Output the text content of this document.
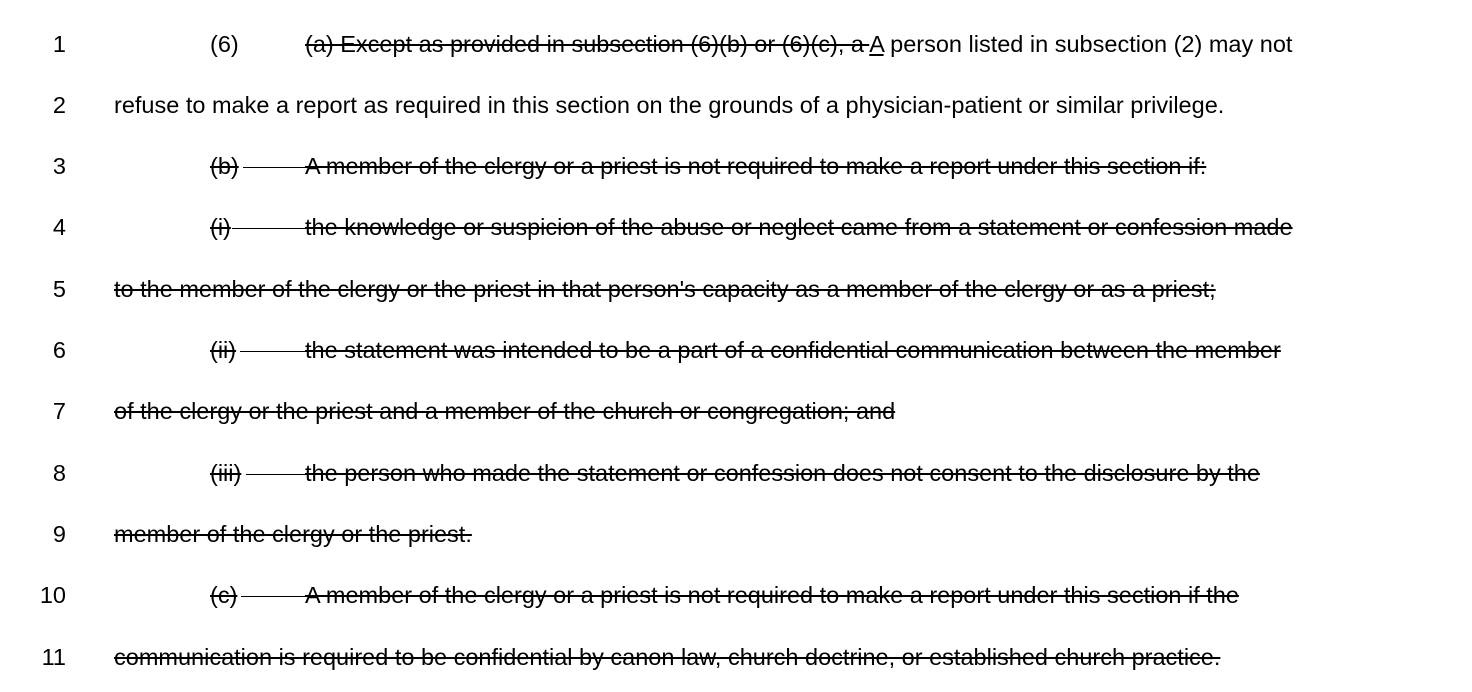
1	(6)	(a) Except as provided in subsection (6)(b) or (6)(c), a A person listed in subsection (2) may not
2 refuse to make a report as required in this section on the grounds of a physician-patient or similar privilege.
3	(b)	A member of the clergy or a priest is not required to make a report under this section if:
4	(i)	the knowledge or suspicion of the abuse or neglect came from a statement or confession made
5 to the member of the clergy or the priest in that person's capacity as a member of the clergy or as a priest;
6	(ii)	the statement was intended to be a part of a confidential communication between the member
7 of the clergy or the priest and a member of the church or congregation; and
8	(iii)	the person who made the statement or confession does not consent to the disclosure by the
9 member of the clergy or the priest.
10	(c)	A member of the clergy or a priest is not required to make a report under this section if the
11 communication is required to be confidential by canon law, church doctrine, or established church practice.
